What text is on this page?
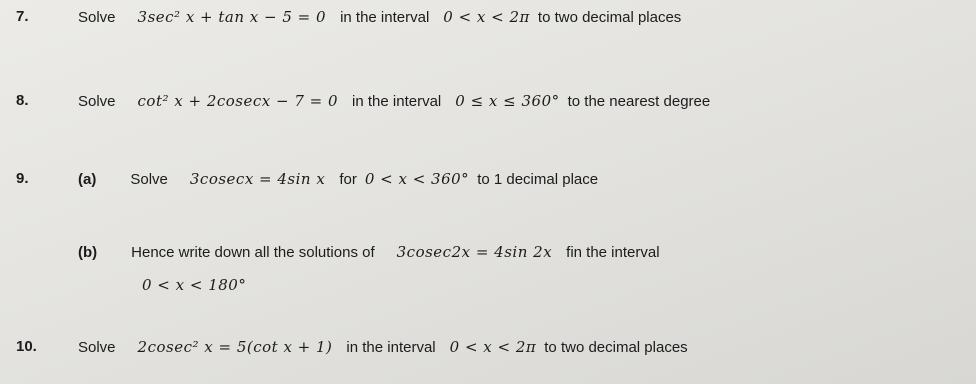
7.	Solve 3sec² x + tan x − 5 = 0 in the interval 0 < x < 2π to two decimal places
8.	Solve cot² x + 2cosecx − 7 = 0 in the interval 0 ≤ x ≤ 360° to the nearest degree
9.	(a) Solve 3cosecx = 4sin x for 0 < x < 360° to 1 decimal place
(b) Hence write down all the solutions of 3cosec2x = 4sin 2x fin the interval
0 < x < 180°
10.	Solve 2cosec² x = 5(cot x + 1) in the interval 0 < x < 2π to two decimal places
